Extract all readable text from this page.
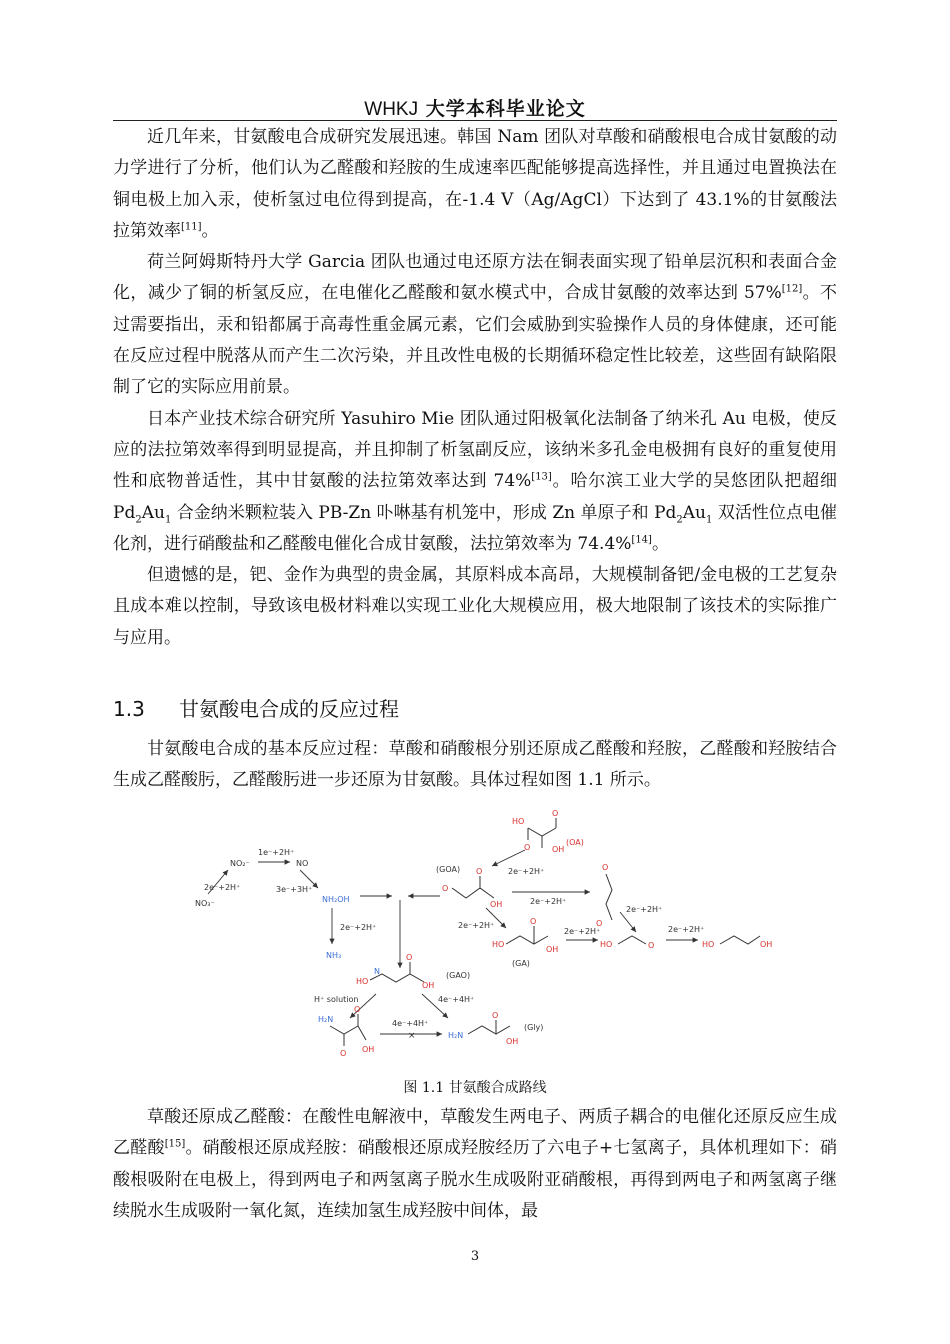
WHKJ 大学本科毕业论文

近几年来，甘氨酸电合成研究发展迅速。韩国 Nam 团队对草酸和硝酸根电合成甘氨酸的动力学进行了分析，他们认为乙醛酸和羟胺的生成速率匹配能够提高选择性，并且通过电置换法在铜电极上加入汞，使析氢过电位得到提高，在-1.4 V（Ag/AgCl）下达到了 43.1%的甘氨酸法拉第效率[11]。

荷兰阿姆斯特丹大学 Garcia 团队也通过电还原方法在铜表面实现了铅单层沉积和表面合金化，减少了铜的析氢反应，在电催化乙醛酸和氨水模式中，合成甘氨酸的效率达到 57%[12]。不过需要指出，汞和铅都属于高毒性重金属元素，它们会威胁到实验操作人员的身体健康，还可能在反应过程中脱落从而产生二次污染，并且改性电极的长期循环稳定性比较差，这些固有缺陷限制了它的实际应用前景。

日本产业技术综合研究所 Yasuhiro Mie 团队通过阳极氧化法制备了纳米孔 Au 电极，使反应的法拉第效率得到明显提高，并且抑制了析氢副反应，该纳米多孔金电极拥有良好的重复使用性和底物普适性，其中甘氨酸的法拉第效率达到 74%[13]。哈尔滨工业大学的吴悠团队把超细 $Pd_2Au_1$ 合金纳米颗粒装入 PB-Zn 卟啉基有机笼中，形成 Zn 单原子和 $Pd_2Au_1$ 双活性位点电催化剂，进行硝酸盐和乙醛酸电催化合成甘氨酸，法拉第效率为 74.4%[14]。

但遗憾的是，钯、金作为典型的贵金属，其原料成本高昂，大规模制备钯/金电极的工艺复杂且成本难以控制，导致该电极材料难以实现工业化大规模应用，极大地限制了该技术的实际推广与应用。

1.3 甘氨酸电合成的反应过程

甘氨酸电合成的基本反应过程：草酸和硝酸根分别还原成乙醛酸和羟胺，乙醛酸和羟胺结合生成乙醛酸肟，乙醛酸肟进一步还原为甘氨酸。具体过程如图 1.1 所示。

HO
O
O	OH
(OA)
2e⁻+2H⁺
(GOA)
O
O
OH
NO₃⁻
2e⁻+2H⁺
NO₂⁻
1e⁻+2H⁺
NO
3e⁻+3H⁺
NH₂OH
2e⁻+2H⁺
NH₃
2e⁻+2H⁺
2e⁻+2H⁺
O
O
2e⁻+2H⁺
HO
O
OH
(GA)
2e⁻+2H⁺
HO	O
2e⁻+2H⁺
HO	OH
HO
N
O
OH
(GAO)
H⁺ solution	4e⁻+4H⁺
H₂N
O
O
OH
4e⁻+4H⁺
×	H₂N
O
OH
(Gly)
图 1.1 甘氨酸合成路线

草酸还原成乙醛酸：在酸性电解液中，草酸发生两电子、两质子耦合的电催化还原反应生成乙醛酸[15]。硝酸根还原成羟胺：硝酸根还原成羟胺经历了六电子+七氢离子，具体机理如下：硝酸根吸附在电极上，得到两电子和两氢离子脱水生成吸附亚硝酸根，再得到两电子和两氢离子继续脱水生成吸附一氧化氮，连续加氢生成羟胺中间体，最

3
